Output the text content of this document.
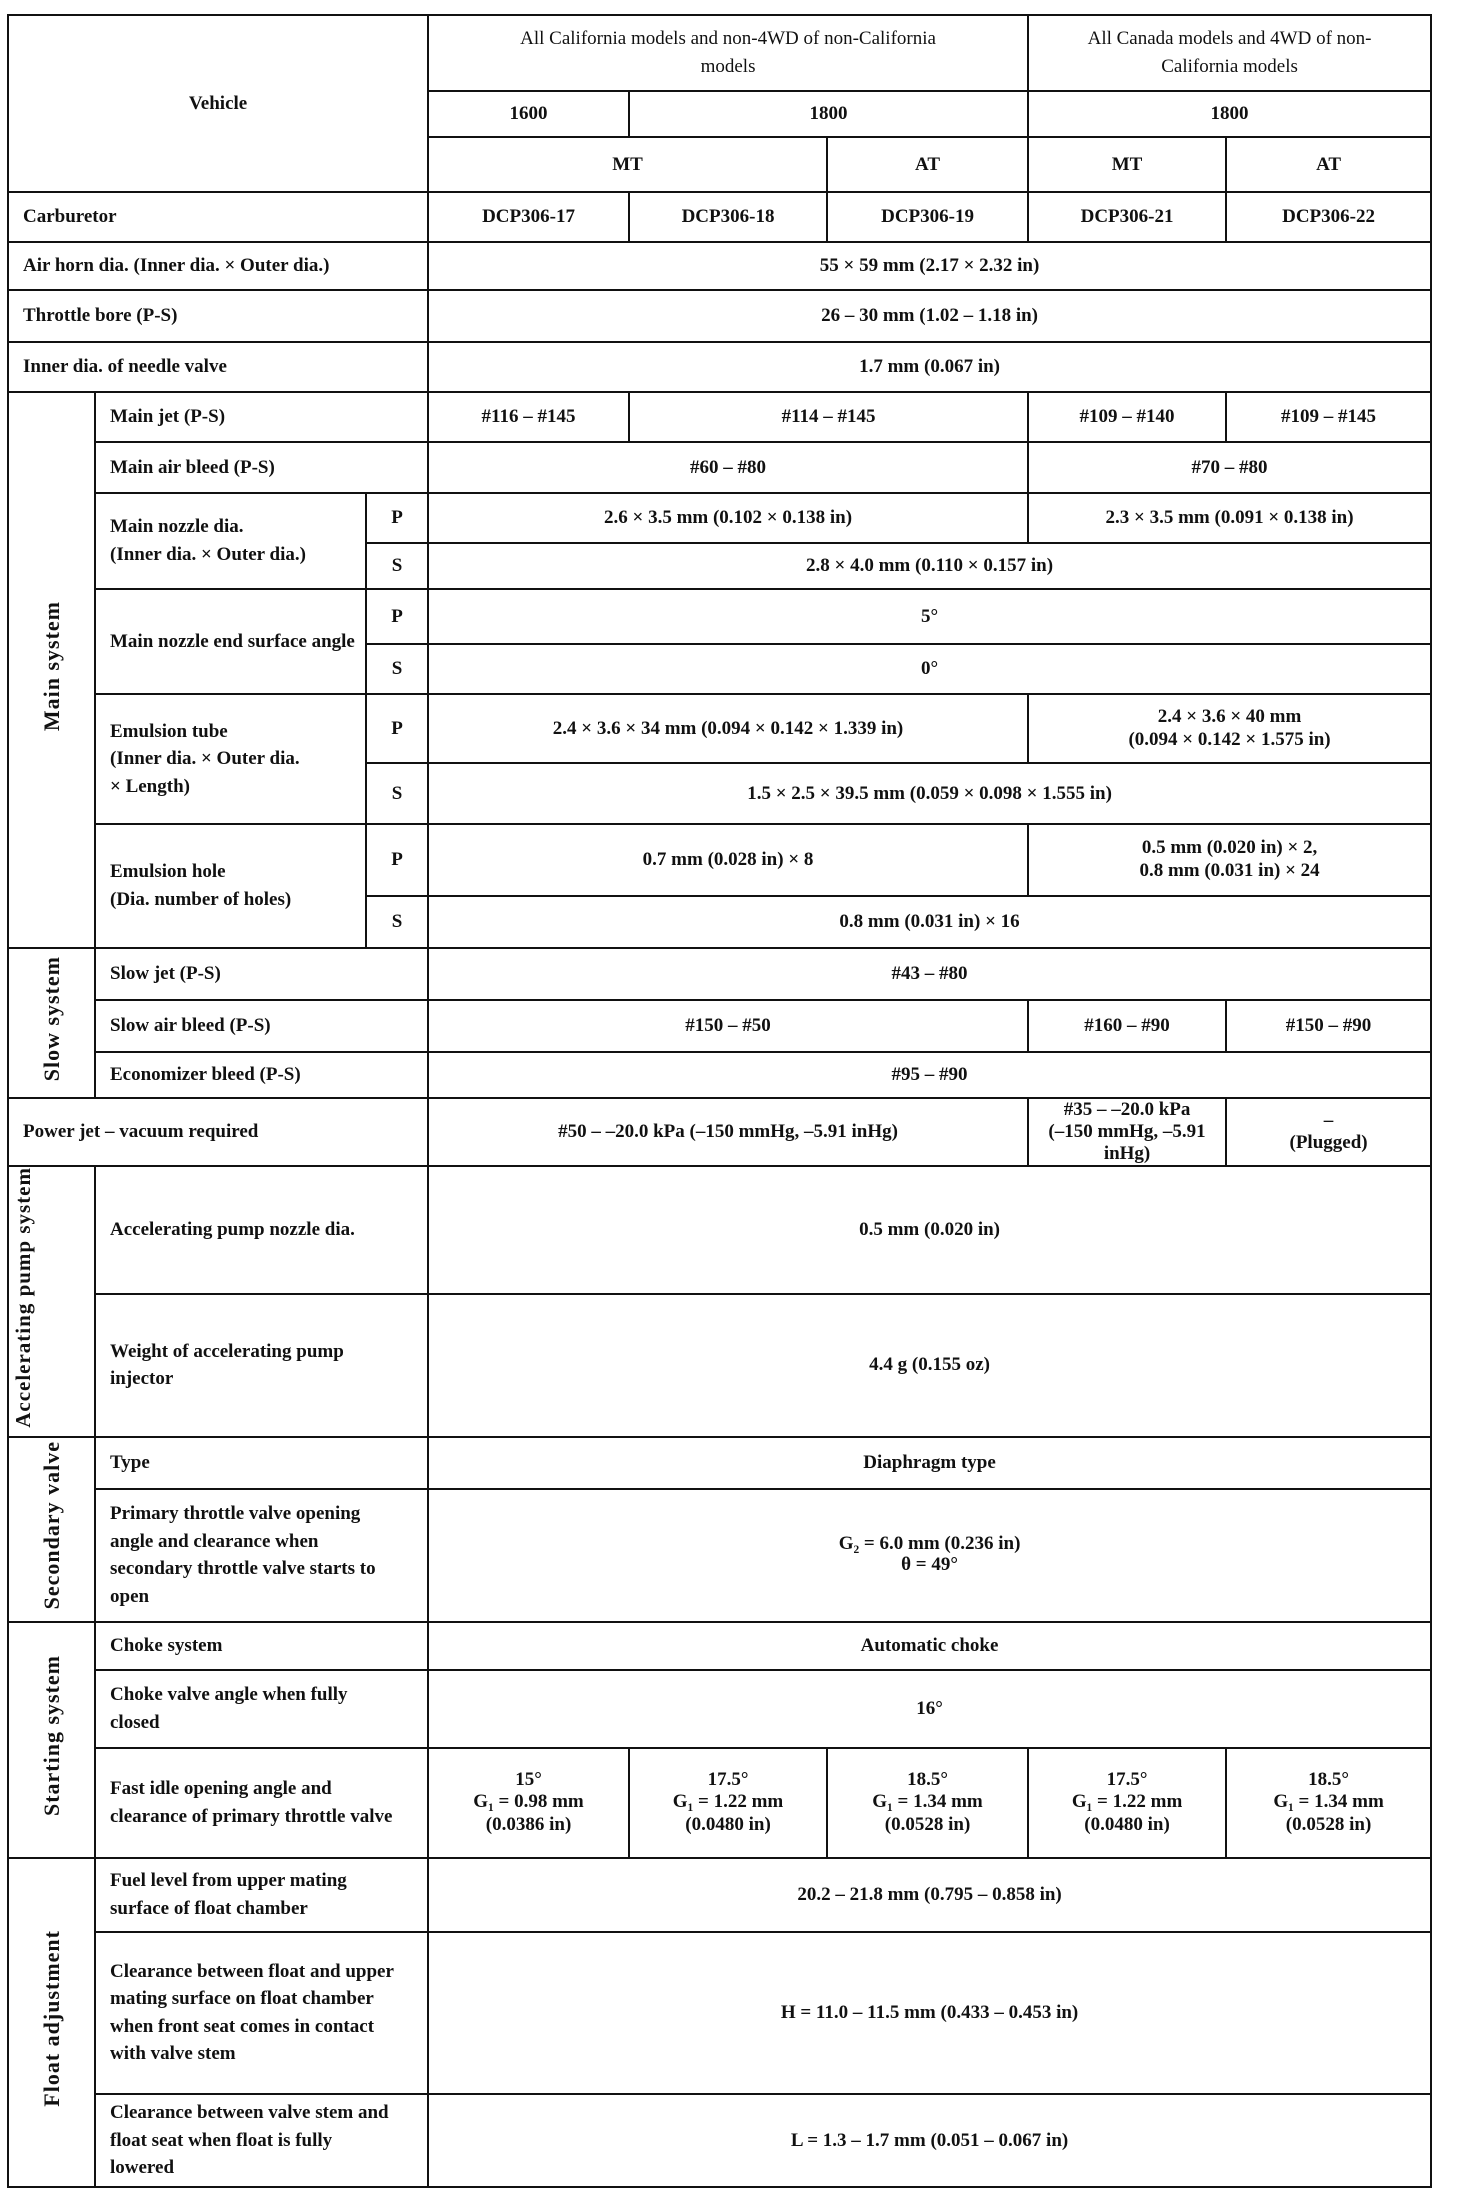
Vehicle			All California models and non-4WD of non-California models			All Canada models and 4WD of non-California models	
			1600	1800		1800	
			MT		AT	MT	AT
Carburetor			DCP306-17	DCP306-18	DCP306-19	DCP306-21	DCP306-22
Air horn dia. (Inner dia. × Outer dia.)			55 × 59 mm (2.17 × 2.32 in)				
Throttle bore (P-S)			26 – 30 mm (1.02 – 1.18 in)				
Inner dia. of needle valve			1.7 mm (0.067 in)				
Main system	Main jet (P-S)		#116 – #145	#114 – #145		#109 – #140	#109 – #145
	Main air bleed (P-S)		#60 – #80			#70 – #80	
	Main nozzle dia.
(Inner dia. × Outer dia.)	P	2.6 × 3.5 mm (0.102 × 0.138 in)			2.3 × 3.5 mm (0.091 × 0.138 in)	
		S	2.8 × 4.0 mm (0.110 × 0.157 in)				
	Main nozzle end surface angle	P	5°				
		S	0°				
	Emulsion tube
(Inner dia. × Outer dia.
× Length)	P	2.4 × 3.6 × 34 mm (0.094 × 0.142 × 1.339 in)			2.4 × 3.6 × 40 mm
(0.094 × 0.142 × 1.575 in)	
		S	1.5 × 2.5 × 39.5 mm (0.059 × 0.098 × 1.555 in)				
	Emulsion hole
(Dia. number of holes)	P	0.7 mm (0.028 in) × 8			0.5 mm (0.020 in) × 2,
0.8 mm (0.031 in) × 24	
		S	0.8 mm (0.031 in) × 16				
Slow system	Slow jet (P-S)		#43 – #80				
	Slow air bleed (P-S)		#150 – #50			#160 – #90	#150 – #90
	Economizer bleed (P-S)		#95 – #90				
Power jet – vacuum required			#50 – –20.0 kPa (–150 mmHg, –5.91 inHg)			#35 – –20.0 kPa
(–150 mmHg, –5.91 inHg)	–
(Plugged)
Accelerating pump system	Accelerating pump nozzle dia.		0.5 mm (0.020 in)				
	Weight of accelerating pump injector		4.4 g (0.155 oz)				
Secondary valve	Type		Diaphragm type				
	Primary throttle valve opening angle and clearance when secondary throttle valve starts to open		G₂ = 6.0 mm (0.236 in)
θ = 49°				
Starting system	Choke system		Automatic choke				
	Choke valve angle when fully closed		16°				
	Fast idle opening angle and clearance of primary throttle valve		15°
G₁ = 0.98 mm
(0.0386 in)	17.5°
G₁ = 1.22 mm
(0.0480 in)	18.5°
G₁ = 1.34 mm
(0.0528 in)	17.5°
G₁ = 1.22 mm
(0.0480 in)	18.5°
G₁ = 1.34 mm
(0.0528 in)
Float adjustment	Fuel level from upper mating surface of float chamber		20.2 – 21.8 mm (0.795 – 0.858 in)				
	Clearance between float and upper mating surface on float chamber when front seat comes in contact with valve stem		H = 11.0 – 11.5 mm (0.433 – 0.453 in)				
	Clearance between valve stem and float seat when float is fully lowered		L = 1.3 – 1.7 mm (0.051 – 0.067 in)				
